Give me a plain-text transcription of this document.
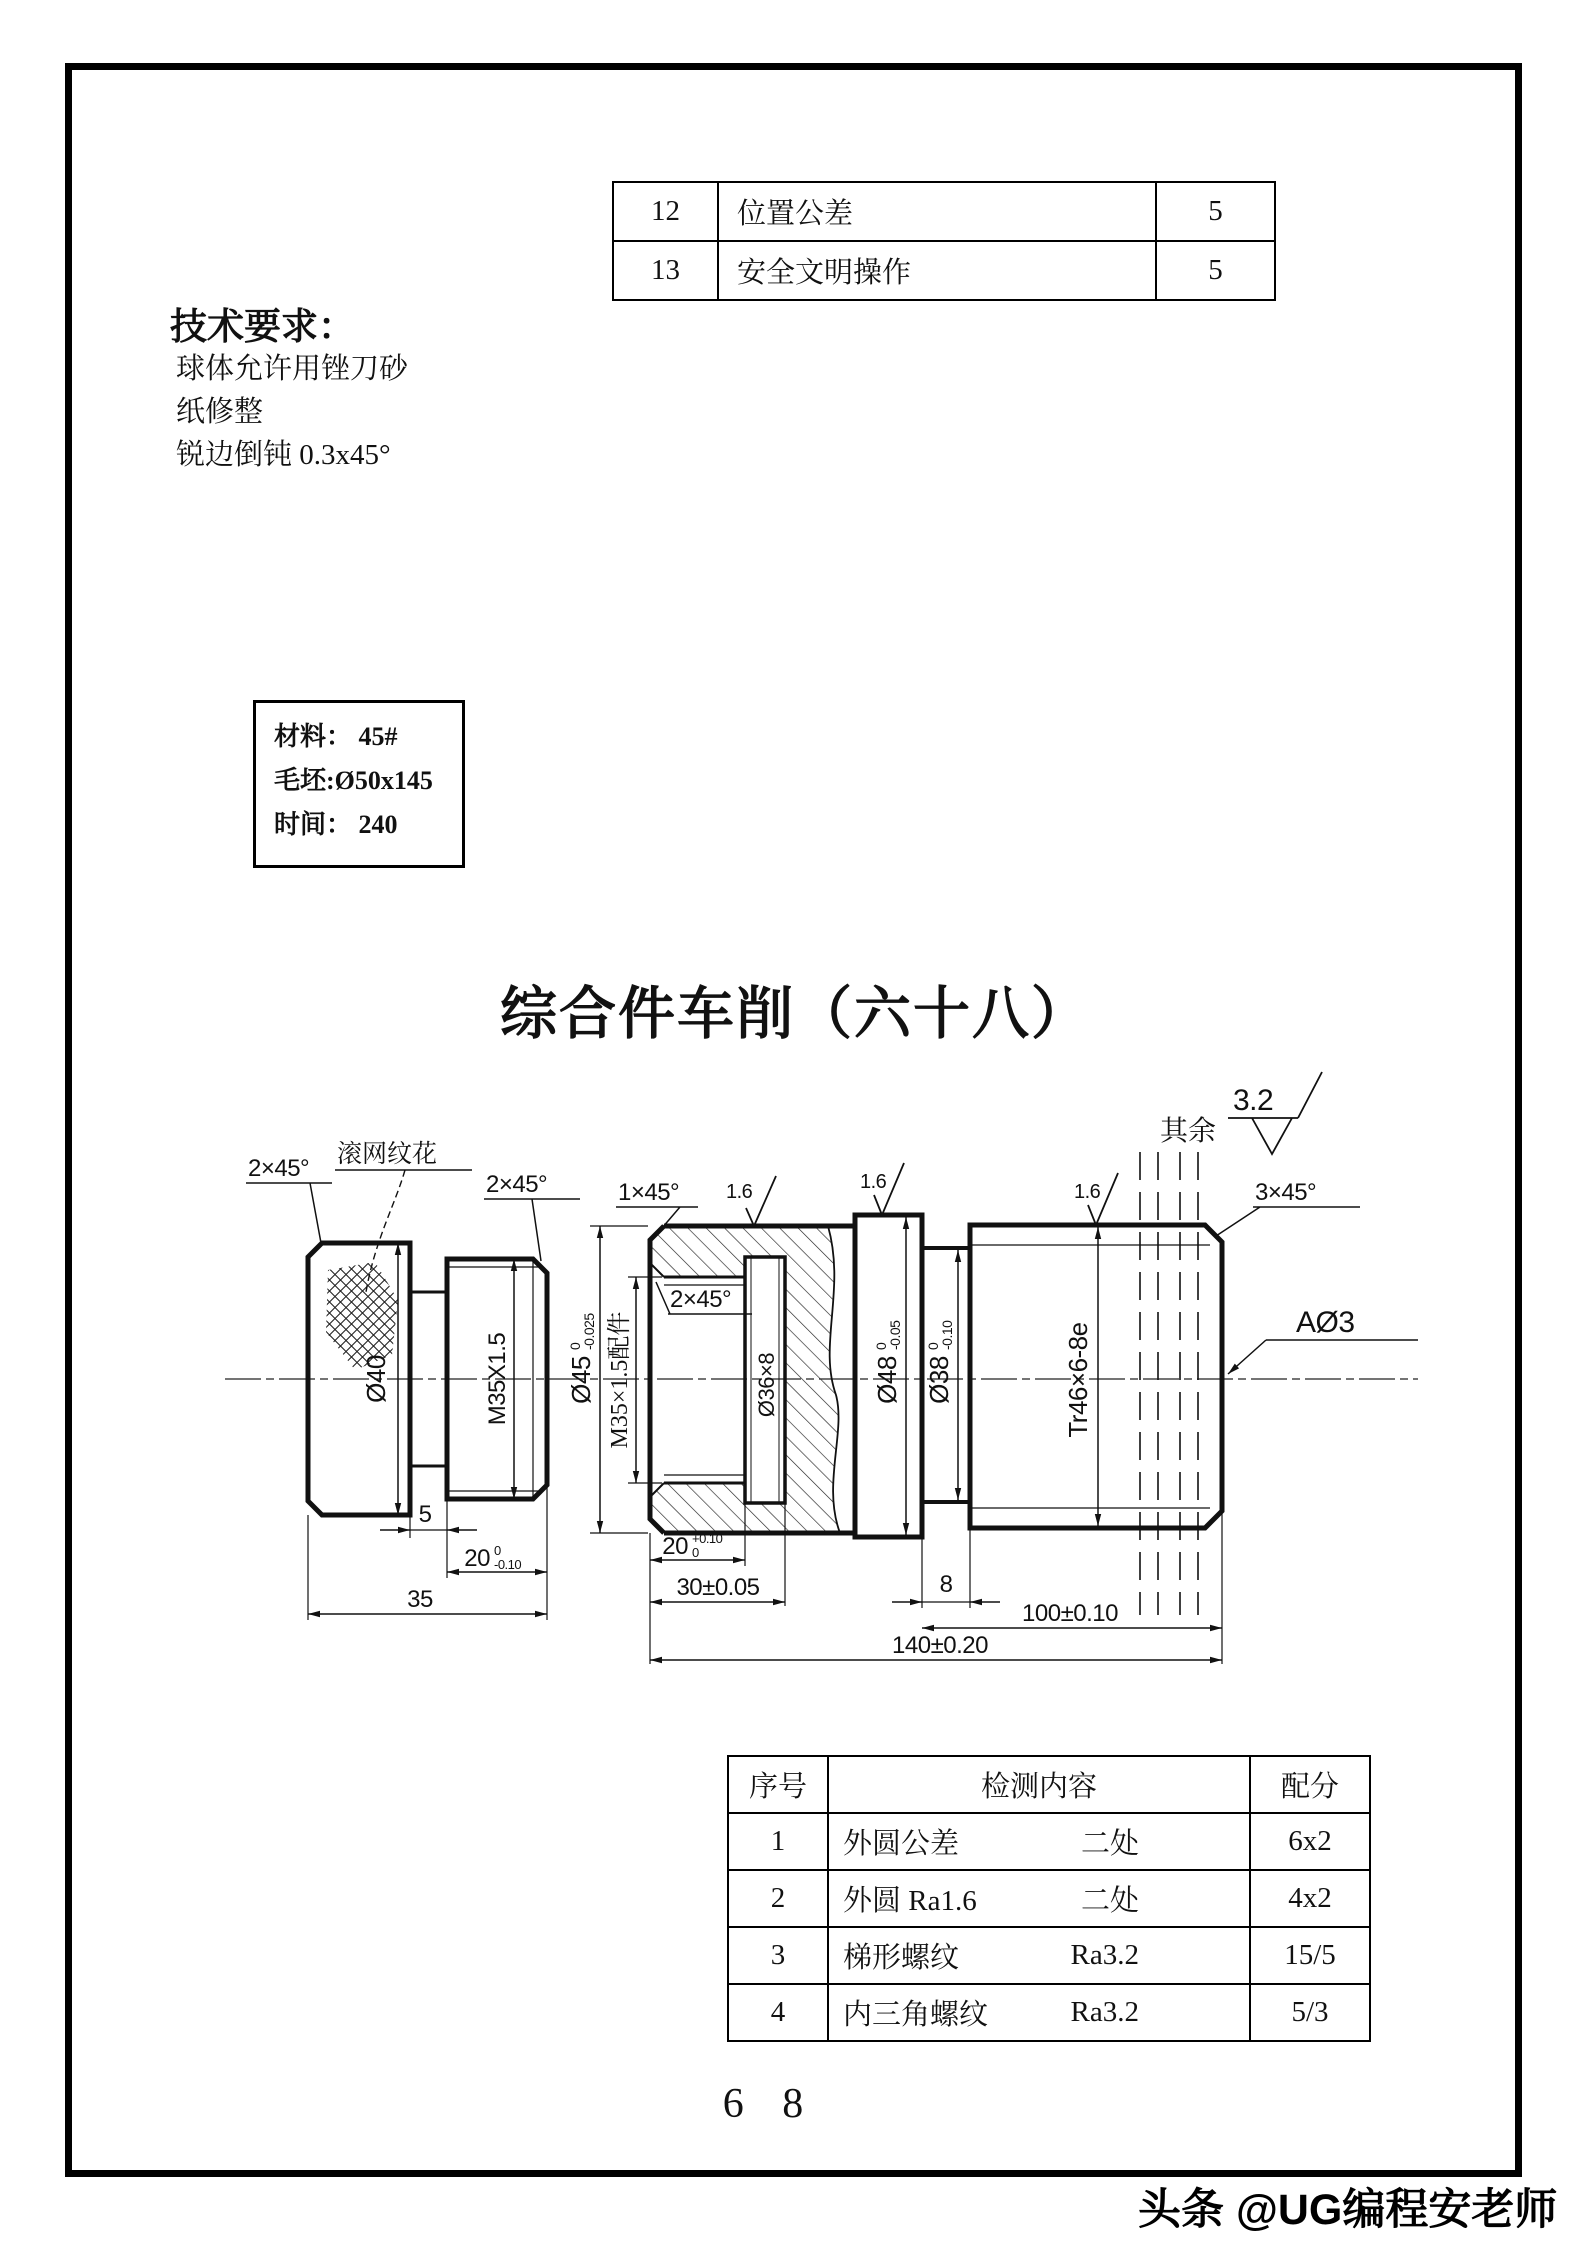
12	位置公差	5
13	安全文明操作	5
技术要求：
球体允许用锉刀砂
纸修整
锐边倒钝 0.3x45°
材料： 45#
毛坯:Ø50x145
时间： 240
综合件车削（六十八）
Ø40	M35X1.5
2×45°
滚网纹花
2×45°
5
20 0
-0.10
35
1×45° 1.6	1.6	1.6
2×45°
3×45°
其余
3.2
AØ3
Ø45
0
-0.025 M35×1.5配件	Ø36×8	Ø48
0
-0.05
Ø38
0
-0.10	Tr46×6-8e
20 +0.10
0
30±0.05	8
100±0.10
140±0.20
序号	检测内容	配分
1	外圆公差 二处	6x2
2	外圆 Ra1.6 二处	4x2
3	梯形螺纹 Ra3.2	15/5
4	内三角螺纹 Ra3.2	5/3
6 8
头条 @UG编程安老师
